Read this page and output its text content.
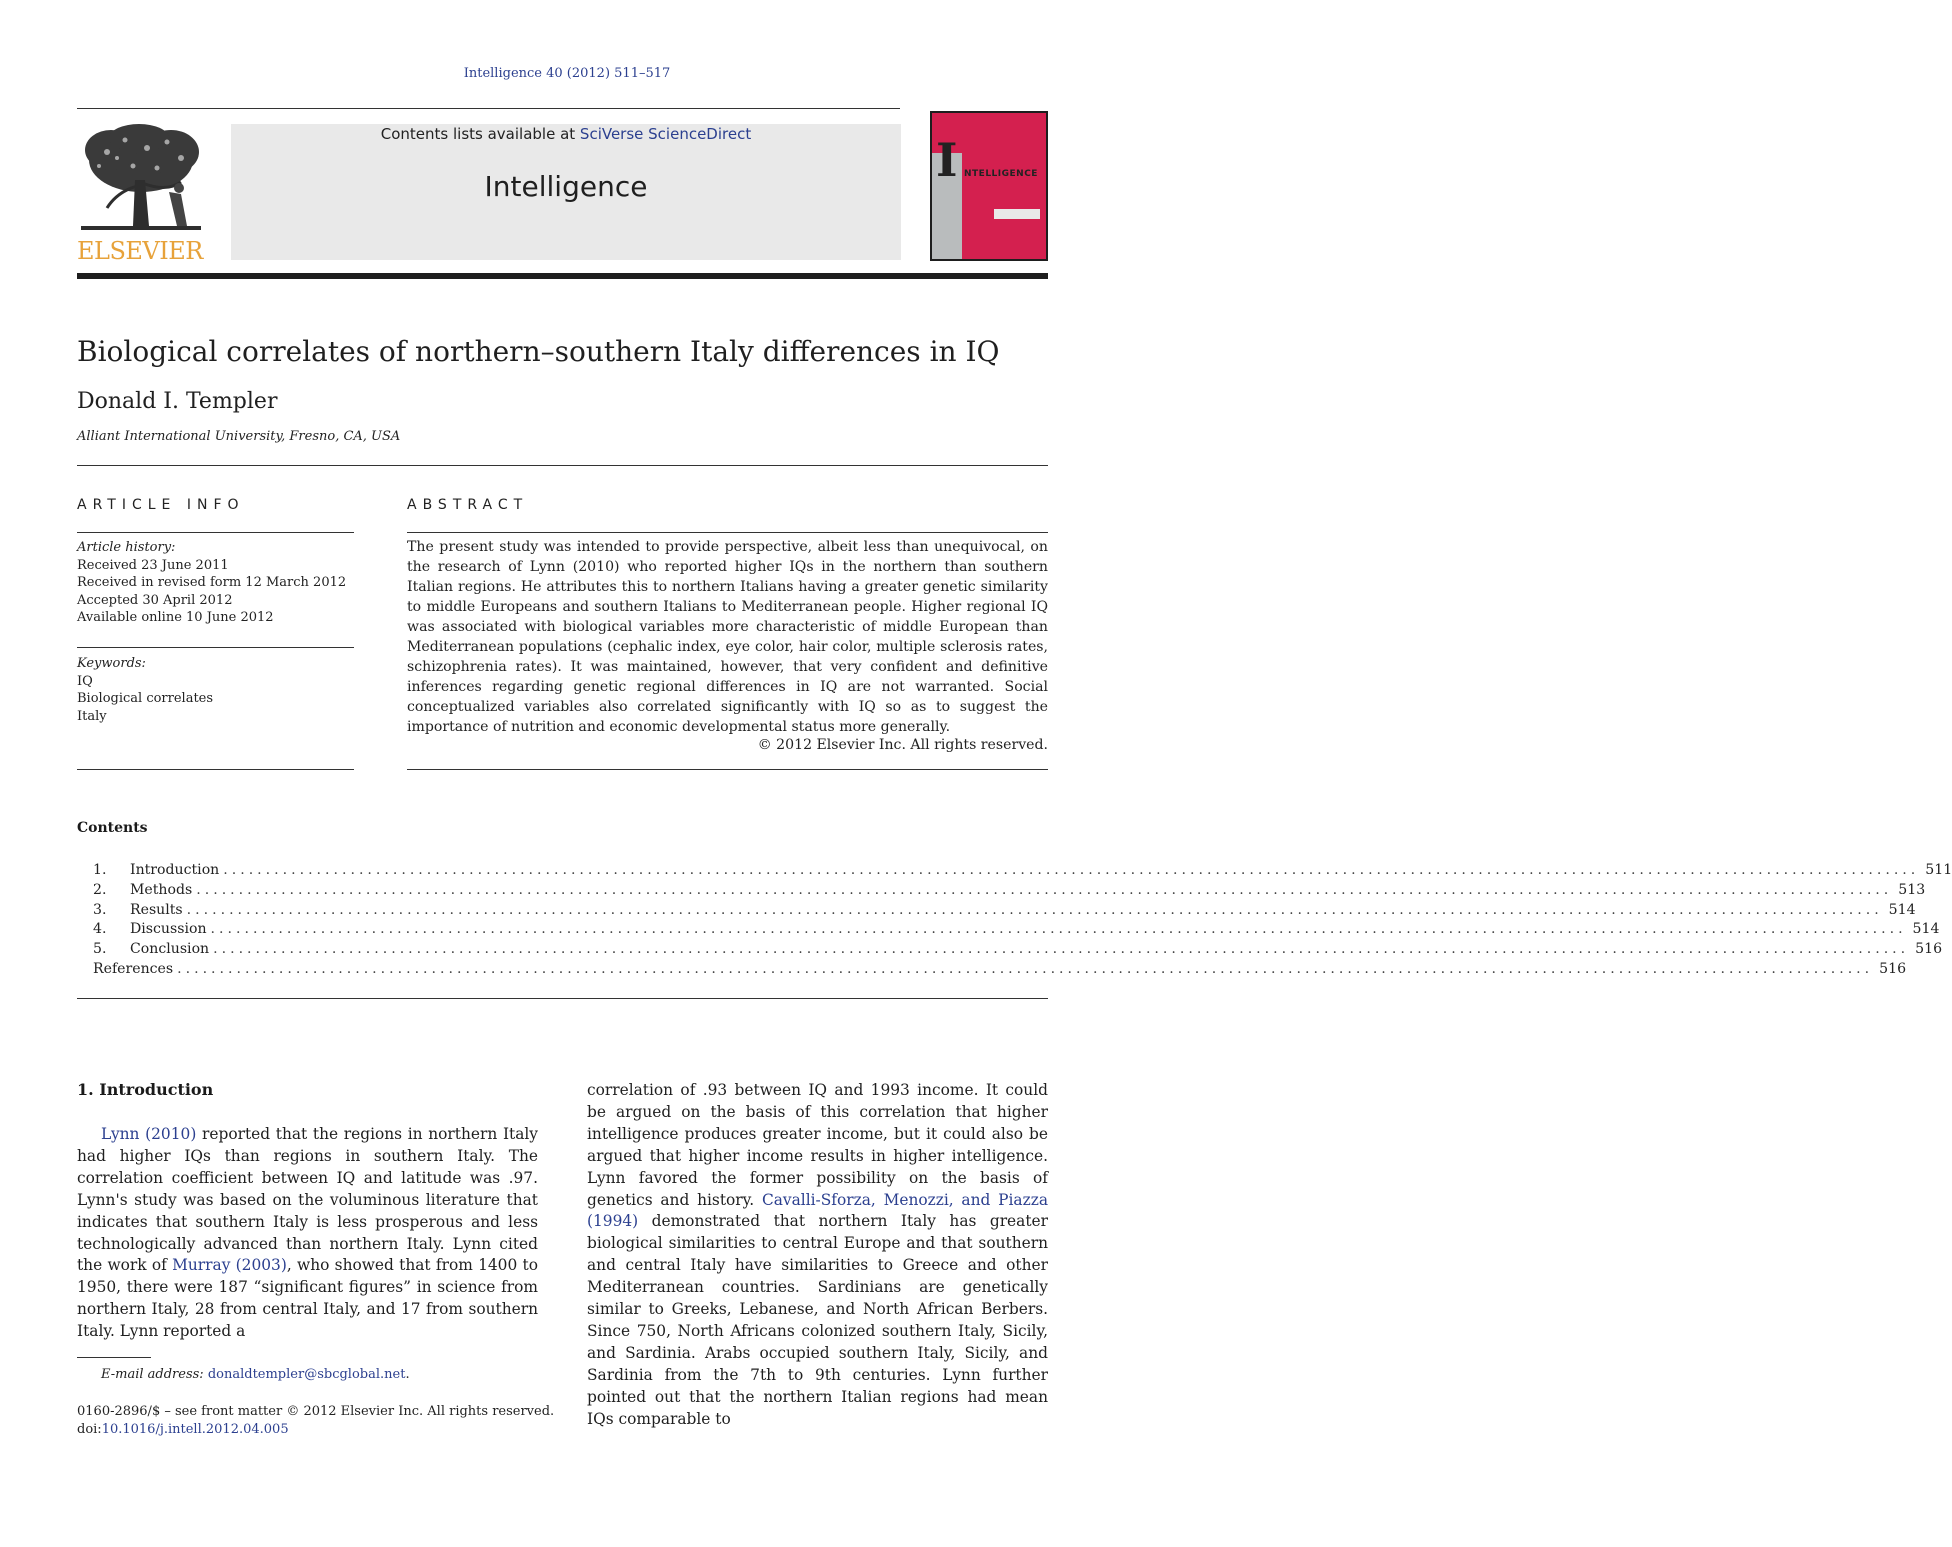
Intelligence 40 (2012) 511–517
ELSEVIER
Contents lists available at SciVerse ScienceDirect
Intelligence	I NTELLIGENCE
Biological correlates of northern–southern Italy differences in IQ
Donald I. Templer
Alliant International University, Fresno, CA, USA
ARTICLE INFO
Article history:
Received 23 June 2011
Received in revised form 12 March 2012
Accepted 30 April 2012
Available online 10 June 2012
Keywords:
IQ
Biological correlates
Italy
ABSTRACT
The present study was intended to provide perspective, albeit less than unequivocal, on the research of Lynn (2010) who reported higher IQs in the northern than southern Italian regions. He attributes this to northern Italians having a greater genetic similarity to middle Europeans and southern Italians to Mediterranean people. Higher regional IQ was associated with biological variables more characteristic of middle European than Mediterranean populations (cephalic index, eye color, hair color, multiple sclerosis rates, schizophrenia rates). It was maintained, however, that very confident and definitive inferences regarding genetic regional differences in IQ are not warranted. Social conceptualized variables also correlated significantly with IQ so as to suggest the importance of nutrition and economic developmental status more generally.
© 2012 Elsevier Inc. All rights reserved.
Contents
1.	Introduction ........................................................................................................................................................................................................ 511
2.	Methods ........................................................................................................................................................................................................ 513
3.	Results ........................................................................................................................................................................................................ 514
4.	Discussion ........................................................................................................................................................................................................ 514
5.	Conclusion ........................................................................................................................................................................................................ 516
References ........................................................................................................................................................................................................ 516
1. Introduction
Lynn (2010) reported that the regions in northern Italy had higher IQs than regions in southern Italy. The correlation coefficient between IQ and latitude was .97. Lynn's study was based on the voluminous literature that indicates that southern Italy is less prosperous and less technologically advanced than northern Italy. Lynn cited the work of Murray (2003), who showed that from 1400 to 1950, there were 187 “significant figures” in science from northern Italy, 28 from central Italy, and 17 from southern Italy. Lynn reported a
correlation of .93 between IQ and 1993 income. It could be argued on the basis of this correlation that higher intelligence produces greater income, but it could also be argued that higher income results in higher intelligence. Lynn favored the former possibility on the basis of genetics and history. Cavalli-Sforza, Menozzi, and Piazza (1994) demonstrated that northern Italy has greater biological similarities to central Europe and that southern and central Italy have similarities to Greece and other Mediterranean countries. Sardinians are genetically similar to Greeks, Lebanese, and North African Berbers. Since 750, North Africans colonized southern Italy, Sicily, and Sardinia. Arabs occupied southern Italy, Sicily, and Sardinia from the 7th to 9th centuries. Lynn further pointed out that the northern Italian regions had mean IQs comparable to
E-mail address: donaldtempler@sbcglobal.net.
0160-2896/$ – see front matter © 2012 Elsevier Inc. All rights reserved.
doi:10.1016/j.intell.2012.04.005
